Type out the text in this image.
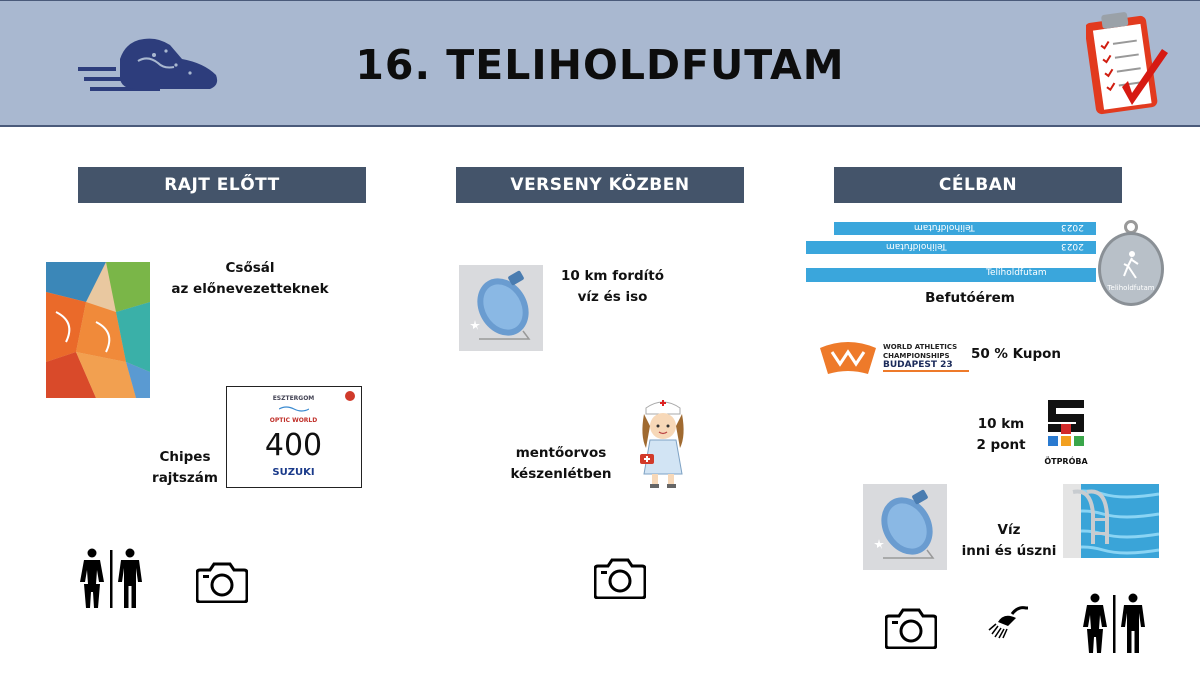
16. TELIHOLDFUTAM
RAJT ELŐTT	VERSENY KÖZBEN	CÉLBAN
Csősál
az előnevezetteknek
ESZTERGOM
OPTIC WORLD
400
SUZUKI
Chipes
rajtszám
10 km fordító
víz és iso
mentőorvos
készenlétben
Teliholdfutam	2023
Teliholdfutam	2023
Teliholdfutam
Teliholdfutam
Befutóérem
WORLD ATHLETICS
CHAMPIONSHIPS
BUDAPEST 23
50 % Kupon
10 km
2 pont
ÖTPRÓBA
Víz
inni és úszni
